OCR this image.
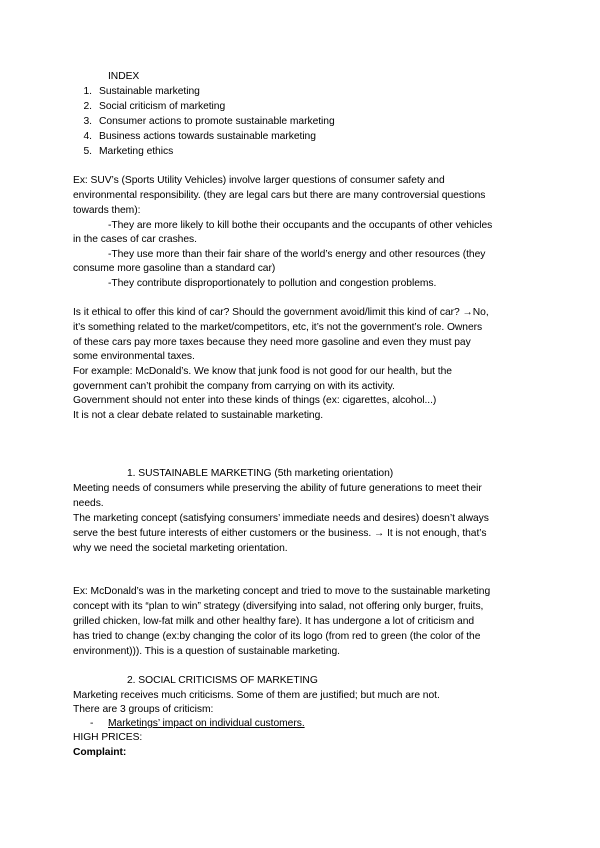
INDEX
1. Sustainable marketing
2. Social criticism of marketing
3. Consumer actions to promote sustainable marketing
4. Business actions towards sustainable marketing
5. Marketing ethics
Ex: SUV’s (Sports Utility Vehicles) involve larger questions of consumer safety and
environmental responsibility. (they are legal cars but there are many controversial questions
towards them):
-They are more likely to kill bothe their occupants and the occupants of other vehicles
in the cases of car crashes.
-They use more than their fair share of the world’s energy and other resources (they
consume more gasoline than a standard car)
-They contribute disproportionately to pollution and congestion problems.
Is it ethical to offer this kind of car? Should the government avoid/limit this kind of car? →No,
it’s something related to the market/competitors, etc, it’s not the government’s role. Owners
of these cars pay more taxes because they need more gasoline and even they must pay
some environmental taxes.
For example: McDonald’s. We know that junk food is not good for our health, but the
government can’t prohibit the company from carrying on with its activity.
Government should not enter into these kinds of things (ex: cigarettes, alcohol...)
It is not a clear debate related to sustainable marketing.
1. SUSTAINABLE MARKETING (5th marketing orientation)
Meeting needs of consumers while preserving the ability of future generations to meet their
needs.
The marketing concept (satisfying consumers’ immediate needs and desires) doesn’t always
serve the best future interests of either customers or the business. → It is not enough, that’s
why we need the societal marketing orientation.
Ex: McDonald’s was in the marketing concept and tried to move to the sustainable marketing
concept with its “plan to win” strategy (diversifying into salad, not offering only burger, fruits,
grilled chicken, low-fat milk and other healthy fare). It has undergone a lot of criticism and
has tried to change (ex:by changing the color of its logo (from red to green (the color of the
environment))). This is a question of sustainable marketing.
2. SOCIAL CRITICISMS OF MARKETING
Marketing receives much criticisms. Some of them are justified; but much are not.
There are 3 groups of criticism:
- Marketings’ impact on individual customers.
HIGH PRICES:
Complaint:
